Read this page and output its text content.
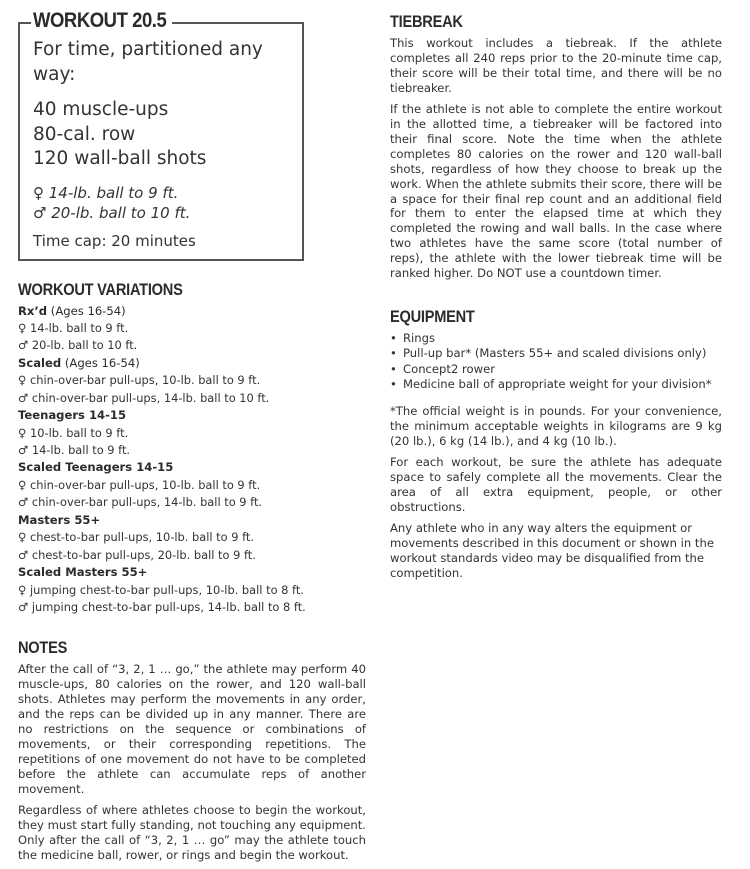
WORKOUT 20.5
For time, partitioned any way:
40 muscle-ups
80-cal. row
120 wall-ball shots
♀ 14-lb. ball to 9 ft.
♂ 20-lb. ball to 10 ft.
Time cap: 20 minutes
WORKOUT VARIATIONS
Rx’d (Ages 16-54)
♀ 14-lb. ball to 9 ft.
♂ 20-lb. ball to 10 ft.
Scaled (Ages 16-54)
♀ chin-over-bar pull-ups, 10-lb. ball to 9 ft.
♂ chin-over-bar pull-ups, 14-lb. ball to 10 ft.
Teenagers 14-15
♀ 10-lb. ball to 9 ft.
♂ 14-lb. ball to 9 ft.
Scaled Teenagers 14-15
♀ chin-over-bar pull-ups, 10-lb. ball to 9 ft.
♂ chin-over-bar pull-ups, 14-lb. ball to 9 ft.
Masters 55+
♀ chest-to-bar pull-ups, 10-lb. ball to 9 ft.
♂ chest-to-bar pull-ups, 20-lb. ball to 9 ft.
Scaled Masters 55+
♀ jumping chest-to-bar pull-ups, 10-lb. ball to 8 ft.
♂ jumping chest-to-bar pull-ups, 14-lb. ball to 8 ft.
NOTES

After the call of “3, 2, 1 … go,” the athlete may perform 40 muscle-ups, 80 calories on the rower, and 120 wall-ball shots. Athletes may perform the movements in any order, and the reps can be divided up in any manner. There are no restrictions on the sequence or combinations of movements, or their corresponding repetitions. The repetitions of one movement do not have to be completed before the athlete can accumulate reps of another movement.

Regardless of where athletes choose to begin the workout, they must start fully standing, not touching any equipment. Only after the call of “3, 2, 1 … go” may the athlete touch the medicine ball, rower, or rings and begin the workout.

TIEBREAK

This workout includes a tiebreak. If the athlete completes all 240 reps prior to the 20-minute time cap, their score will be their total time, and there will be no tiebreaker.

If the athlete is not able to complete the entire workout in the allotted time, a tiebreaker will be factored into their final score. Note the time when the athlete completes 80 calories on the rower and 120 wall-ball shots, regardless of how they choose to break up the work. When the athlete submits their score, there will be a space for their final rep count and an additional field for them to enter the elapsed time at which they completed the rowing and wall balls. In the case where two athletes have the same score (total number of reps), the athlete with the lower tiebreak time will be ranked higher. Do NOT use a countdown timer.

EQUIPMENT
• Rings
• Pull-up bar* (Masters 55+ and scaled divisions only)
• Concept2 rower
• Medicine ball of appropriate weight for your division*

*The official weight is in pounds. For your convenience, the minimum acceptable weights in kilograms are 9 kg (20 lb.), 6 kg (14 lb.), and 4 kg (10 lb.).

For each workout, be sure the athlete has adequate space to safely complete all the movements. Clear the area of all extra equipment, people, or other obstructions.

Any athlete who in any way alters the equipment or movements described in this document or shown in the workout standards video may be disqualified from the competition.
